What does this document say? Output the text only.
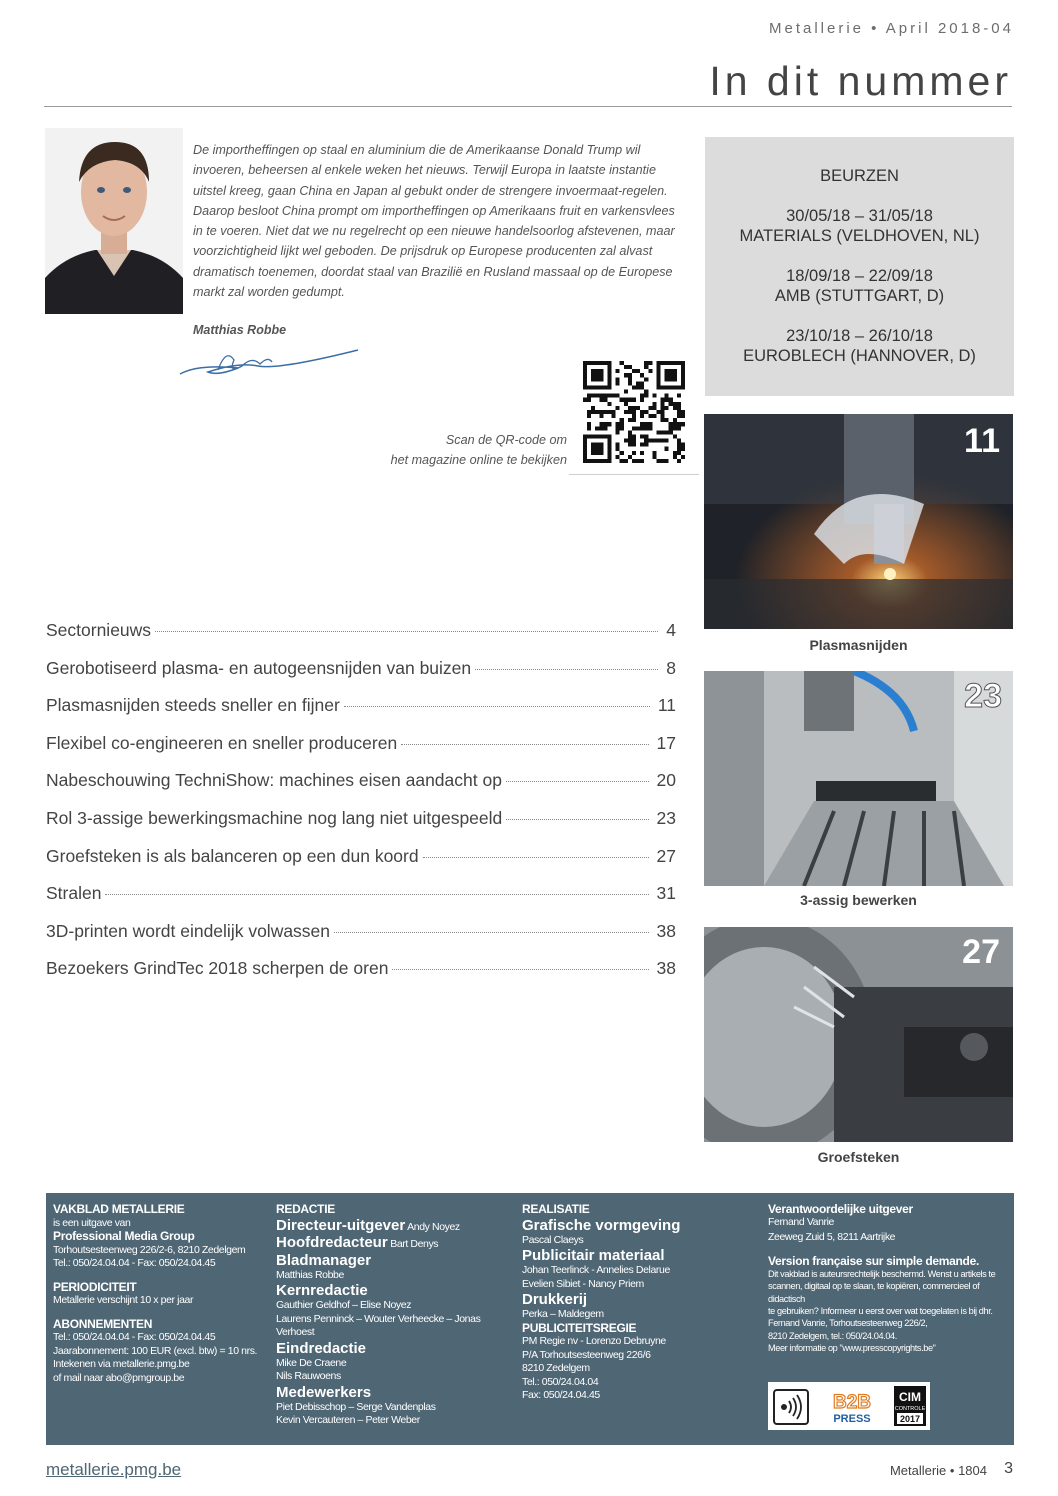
Metallerie • April 2018-04
In dit nummer

De importheffingen op staal en aluminium die de Amerikaanse Donald Trump wil invoeren, beheersen al enkele weken het nieuws. Terwijl Europa in laatste instantie uitstel kreeg, gaan China en Japan al gebukt onder de strengere invoermaat-regelen. Daarop besloot China prompt om importheffingen op Amerikaans fruit en varkensvlees in te voeren. Niet dat we nu regelrecht op een nieuwe handelsoorlog afstevenen, maar voorzichtigheid lijkt wel geboden. De prijsdruk op Europese producenten zal alvast dramatisch toenemen, doordat staal van Brazilië en Rusland massaal op de Europese markt zal worden gedumpt.

Matthias Robbe
Scan de QR-code om
het magazine online te bekijken
BEURZEN
30/05/18 – 31/05/18
MATERIALS (VELDHOVEN, NL)
18/09/18 – 22/09/18
AMB (STUTTGART, D)
23/10/18 – 26/10/18
EUROBLECH (HANNOVER, D)
11
Plasmasnijden
23
3-assig bewerken
27
Groefsteken
Sectornieuws	4
Gerobotiseerd plasma- en autogeensnijden van buizen	8
Plasmasnijden steeds sneller en fijner	11
Flexibel co-engineeren en sneller produceren	17
Nabeschouwing TechniShow: machines eisen aandacht op	20
Rol 3-assige bewerkingsmachine nog lang niet uitgespeeld	23
Groefsteken is als balanceren op een dun koord	27
Stralen	31
3D-printen wordt eindelijk volwassen	38
Bezoekers GrindTec 2018 scherpen de oren	38
VAKBLAD METALLERIE
is een uitgave van
Professional Media Group
Torhoutsesteenweg 226/2-6, 8210 Zedelgem
Tel.: 050/24.04.04 - Fax: 050/24.04.45
PERIODICITEIT
Metallerie verschijnt 10 x per jaar
ABONNEMENTEN
Tel.: 050/24.04.04 - Fax: 050/24.04.45
Jaarabonnement: 100 EUR (excl. btw) = 10 nrs.
Intekenen via metallerie.pmg.be
of mail naar abo@pmgroup.be
REDACTIE
Directeur-uitgever Andy Noyez
Hoofdredacteur Bart Denys
Bladmanager
Matthias Robbe
Kernredactie
Gauthier Geldhof – Elise Noyez
Laurens Penninck – Wouter Verheecke – Jonas Verhoest
Eindredactie
Mike De Craene
Nils Rauwoens
Medewerkers
Piet Debisschop – Serge Vandenplas
Kevin Vercauteren – Peter Weber
REALISATIE
Grafische vormgeving
Pascal Claeys
Publicitair materiaal
Johan Teerlinck - Annelies Delarue
Evelien Sibiet - Nancy Priem
Drukkerij
Perka – Maldegem
PUBLICITEITSREGIE
PM Regie nv - Lorenzo Debruyne
P/A Torhoutsesteenweg 226/6
8210 Zedelgem
Tel.: 050/24.04.04
Fax: 050/24.04.45
Verantwoordelijke uitgever
Fernand Vanrie
Zeeweg Zuid 5, 8211 Aartrijke
Version française sur simple demande.
Dit vakblad is auteursrechtelijk beschermd. Wenst u artikels te
scannen, digitaal op te slaan, te kopiëren, commercieel of didactisch
te gebruiken? Informeer u eerst over wat toegelaten is bij dhr.
Fernand Vanrie, Torhoutsesteenweg 226/2,
8210 Zedelgem, tel.: 050/24.04.04.
Meer informatie op "www.presscopyrights.be"
B2B
PRESS
CIM
CONTROLE
2017
metallerie.pmg.be	Metallerie • 1804 3
